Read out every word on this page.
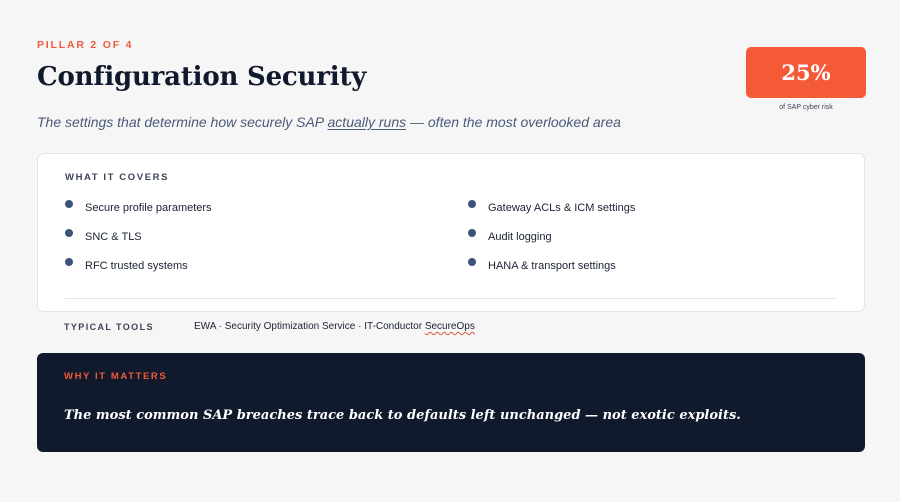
PILLAR 2 OF 4
Configuration Security

The settings that determine how securely SAP actually runs — often the most overlooked area

25%
of SAP cyber risk
WHAT IT COVERS
Secure profile parameters
SNC & TLS
RFC trusted systems
Gateway ACLs & ICM settings
Audit logging
HANA & transport settings
TYPICAL TOOLS	EWA · Security Optimization Service · IT-Conductor SecureOps
WHY IT MATTERS

The most common SAP breaches trace back to defaults left unchanged — not exotic exploits.
